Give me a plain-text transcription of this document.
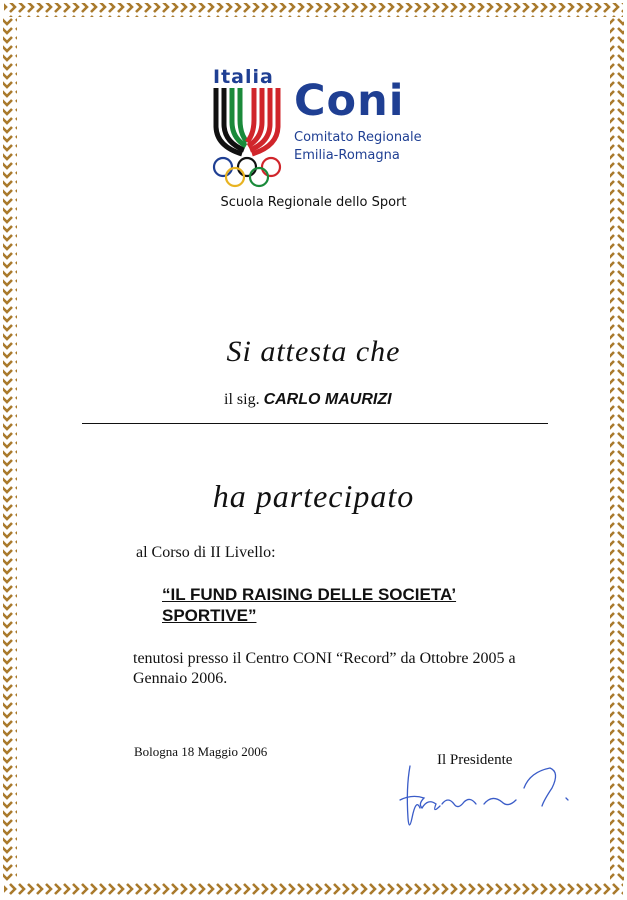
Italia Coni
Comitato Regionale
Emilia-Romagna
Scuola Regionale dello Sport
Si attesta che
il sig. CARLO MAURIZI
ha partecipato
al Corso di II Livello:
“IL FUND RAISING DELLE SOCIETA’ SPORTIVE”
tenutosi presso il Centro CONI “Record” da Ottobre 2005 a Gennaio 2006.
Bologna 18 Maggio 2006
Il Presidente
